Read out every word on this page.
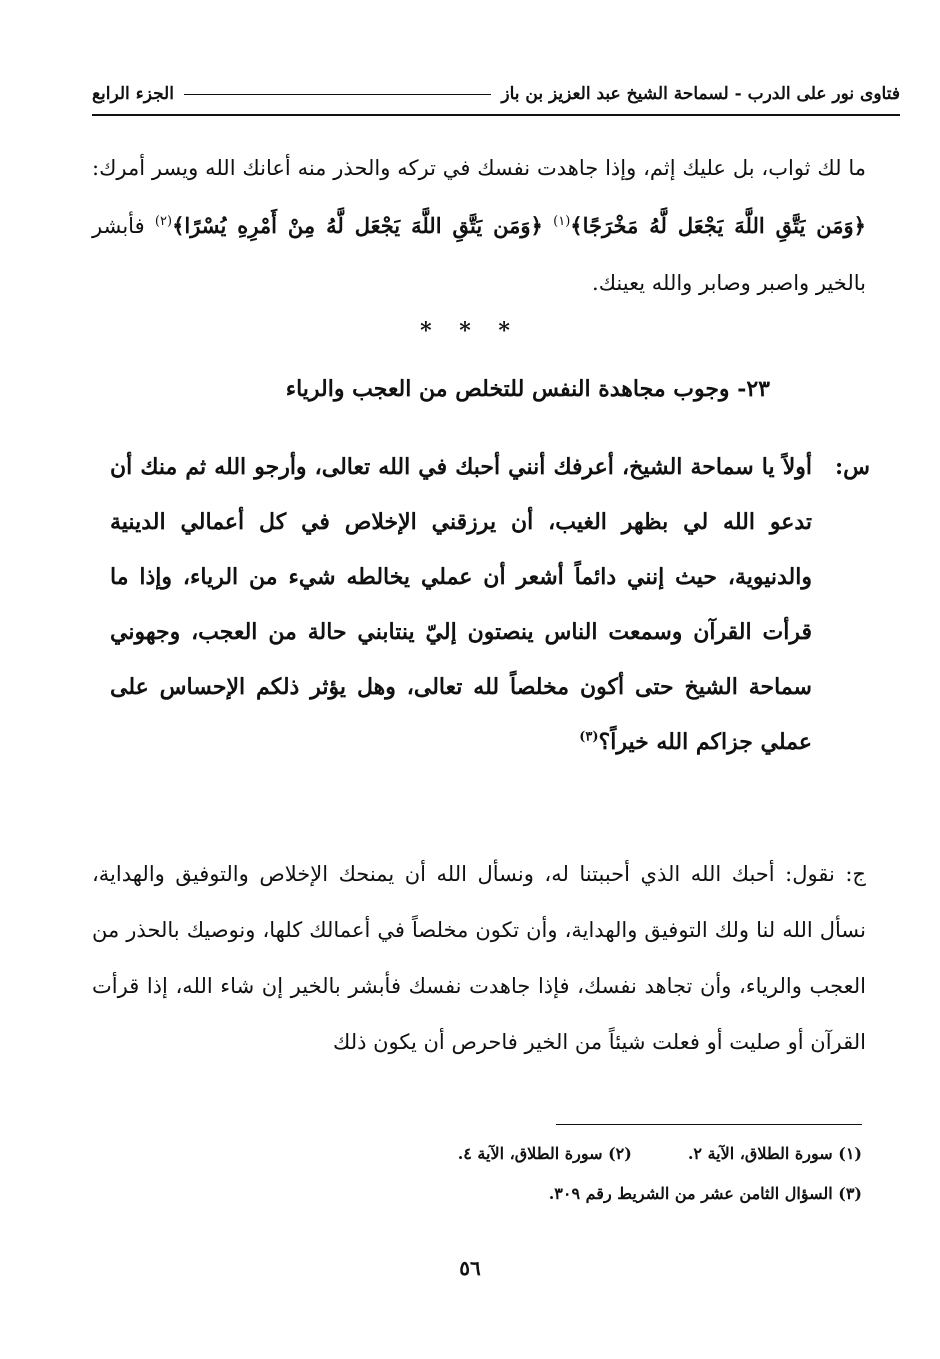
فتاوى نور على الدرب - لسماحة الشيخ عبد العزيز بن باز
الجزء الرابع
ما لك ثواب، بل عليك إثم، وإذا جاهدت نفسك في تركه والحذر منه أعانك الله ويسر أمرك: ﴿وَمَن يَتَّقِ اللَّهَ يَجْعَل لَّهُ مَخْرَجًا﴾$^{(١)}$ ﴿وَمَن يَتَّقِ اللَّهَ يَجْعَل لَّهُ مِنْ أَمْرِهِ يُسْرًا﴾$^{(٢)}$ فأبشر بالخير واصبر وصابر والله يعينك.
* * *
٢٣- وجوب مجاهدة النفس للتخلص من العجب والرياء
س:
أولاً يا سماحة الشيخ، أعرفك أنني أحبك في الله تعالى، وأرجو الله ثم منك أن تدعو الله لي بظهر الغيب، أن يرزقني الإخلاص في كل أعمالي الدينية والدنيوية، حيث إنني دائماً أشعر أن عملي يخالطه شيء من الرياء، وإذا ما قرأت القرآن وسمعت الناس ينصتون إليّ ينتابني حالة من العجب، وجهوني سماحة الشيخ حتى أكون مخلصاً لله تعالى، وهل يؤثر ذلكم الإحساس على عملي جزاكم الله خيراً؟$^{(٣)}$
ج: نقول: أحبك الله الذي أحببتنا له، ونسأل الله أن يمنحك الإخلاص والتوفيق والهداية، نسأل الله لنا ولك التوفيق والهداية، وأن تكون مخلصاً في أعمالك كلها، ونوصيك بالحذر من العجب والرياء، وأن تجاهد نفسك، فإذا جاهدت نفسك فأبشر بالخير إن شاء الله، إذا قرأت القرآن أو صليت أو فعلت شيئاً من الخير فاحرص أن يكون ذلك
(١) سورة الطلاق، الآية ٢.(٢) سورة الطلاق، الآية ٤.
(٣) السؤال الثامن عشر من الشريط رقم ٣٠٩.
٥٦
